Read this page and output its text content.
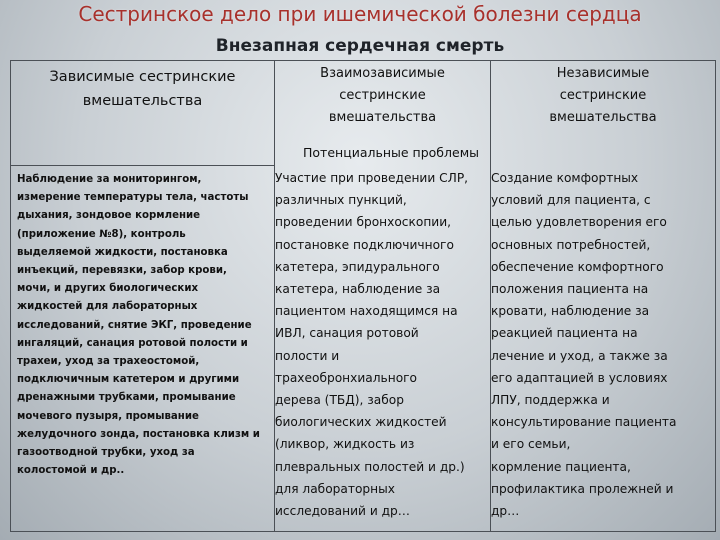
Сестринское дело при ишемической болезни сердца
Внезапная сердечная смерть
Зависимые сестринские
вмешательства
Взаимозависимые
сестринские
вмешательства
Независимые
сестринские
вмешательства
Потенциальные проблемы
Наблюдение за мониторингом,
измерение температуры тела, частоты
дыхания, зондовое кормление
(приложение №8), контроль
выделяемой жидкости, постановка
инъекций, перевязки, забор крови,
мочи, и других биологических
жидкостей для лабораторных
исследований, снятие ЭКГ, проведение
ингаляций, санация ротовой полости и
трахеи, уход за трахеостомой,
подключичным катетером и другими
дренажными трубками, промывание
мочевого пузыря, промывание
желудочного зонда, постановка клизм и
газоотводной трубки, уход за
колостомой и др..
Участие при проведении СЛР,
различных пункций,
проведении бронхоскопии,
постановке подключичного
катетера, эпидурального
катетера, наблюдение за
пациентом находящимся на
ИВЛ, санация ротовой
полости и
трахеобронхиального
дерева (ТБД), забор
биологических жидкостей
(ликвор, жидкость из
плевральных полостей и др.)
для лабораторных
исследований и др…
Создание комфортных
условий для пациента, с
целью удовлетворения его
основных потребностей,
обеспечение комфортного
положения пациента на
кровати, наблюдение за
реакцией пациента на
лечение и уход, а также за
его адаптацией в условиях
ЛПУ, поддержка и
консультирование пациента
и его семьи,
кормление пациента,
профилактика пролежней и
др…
